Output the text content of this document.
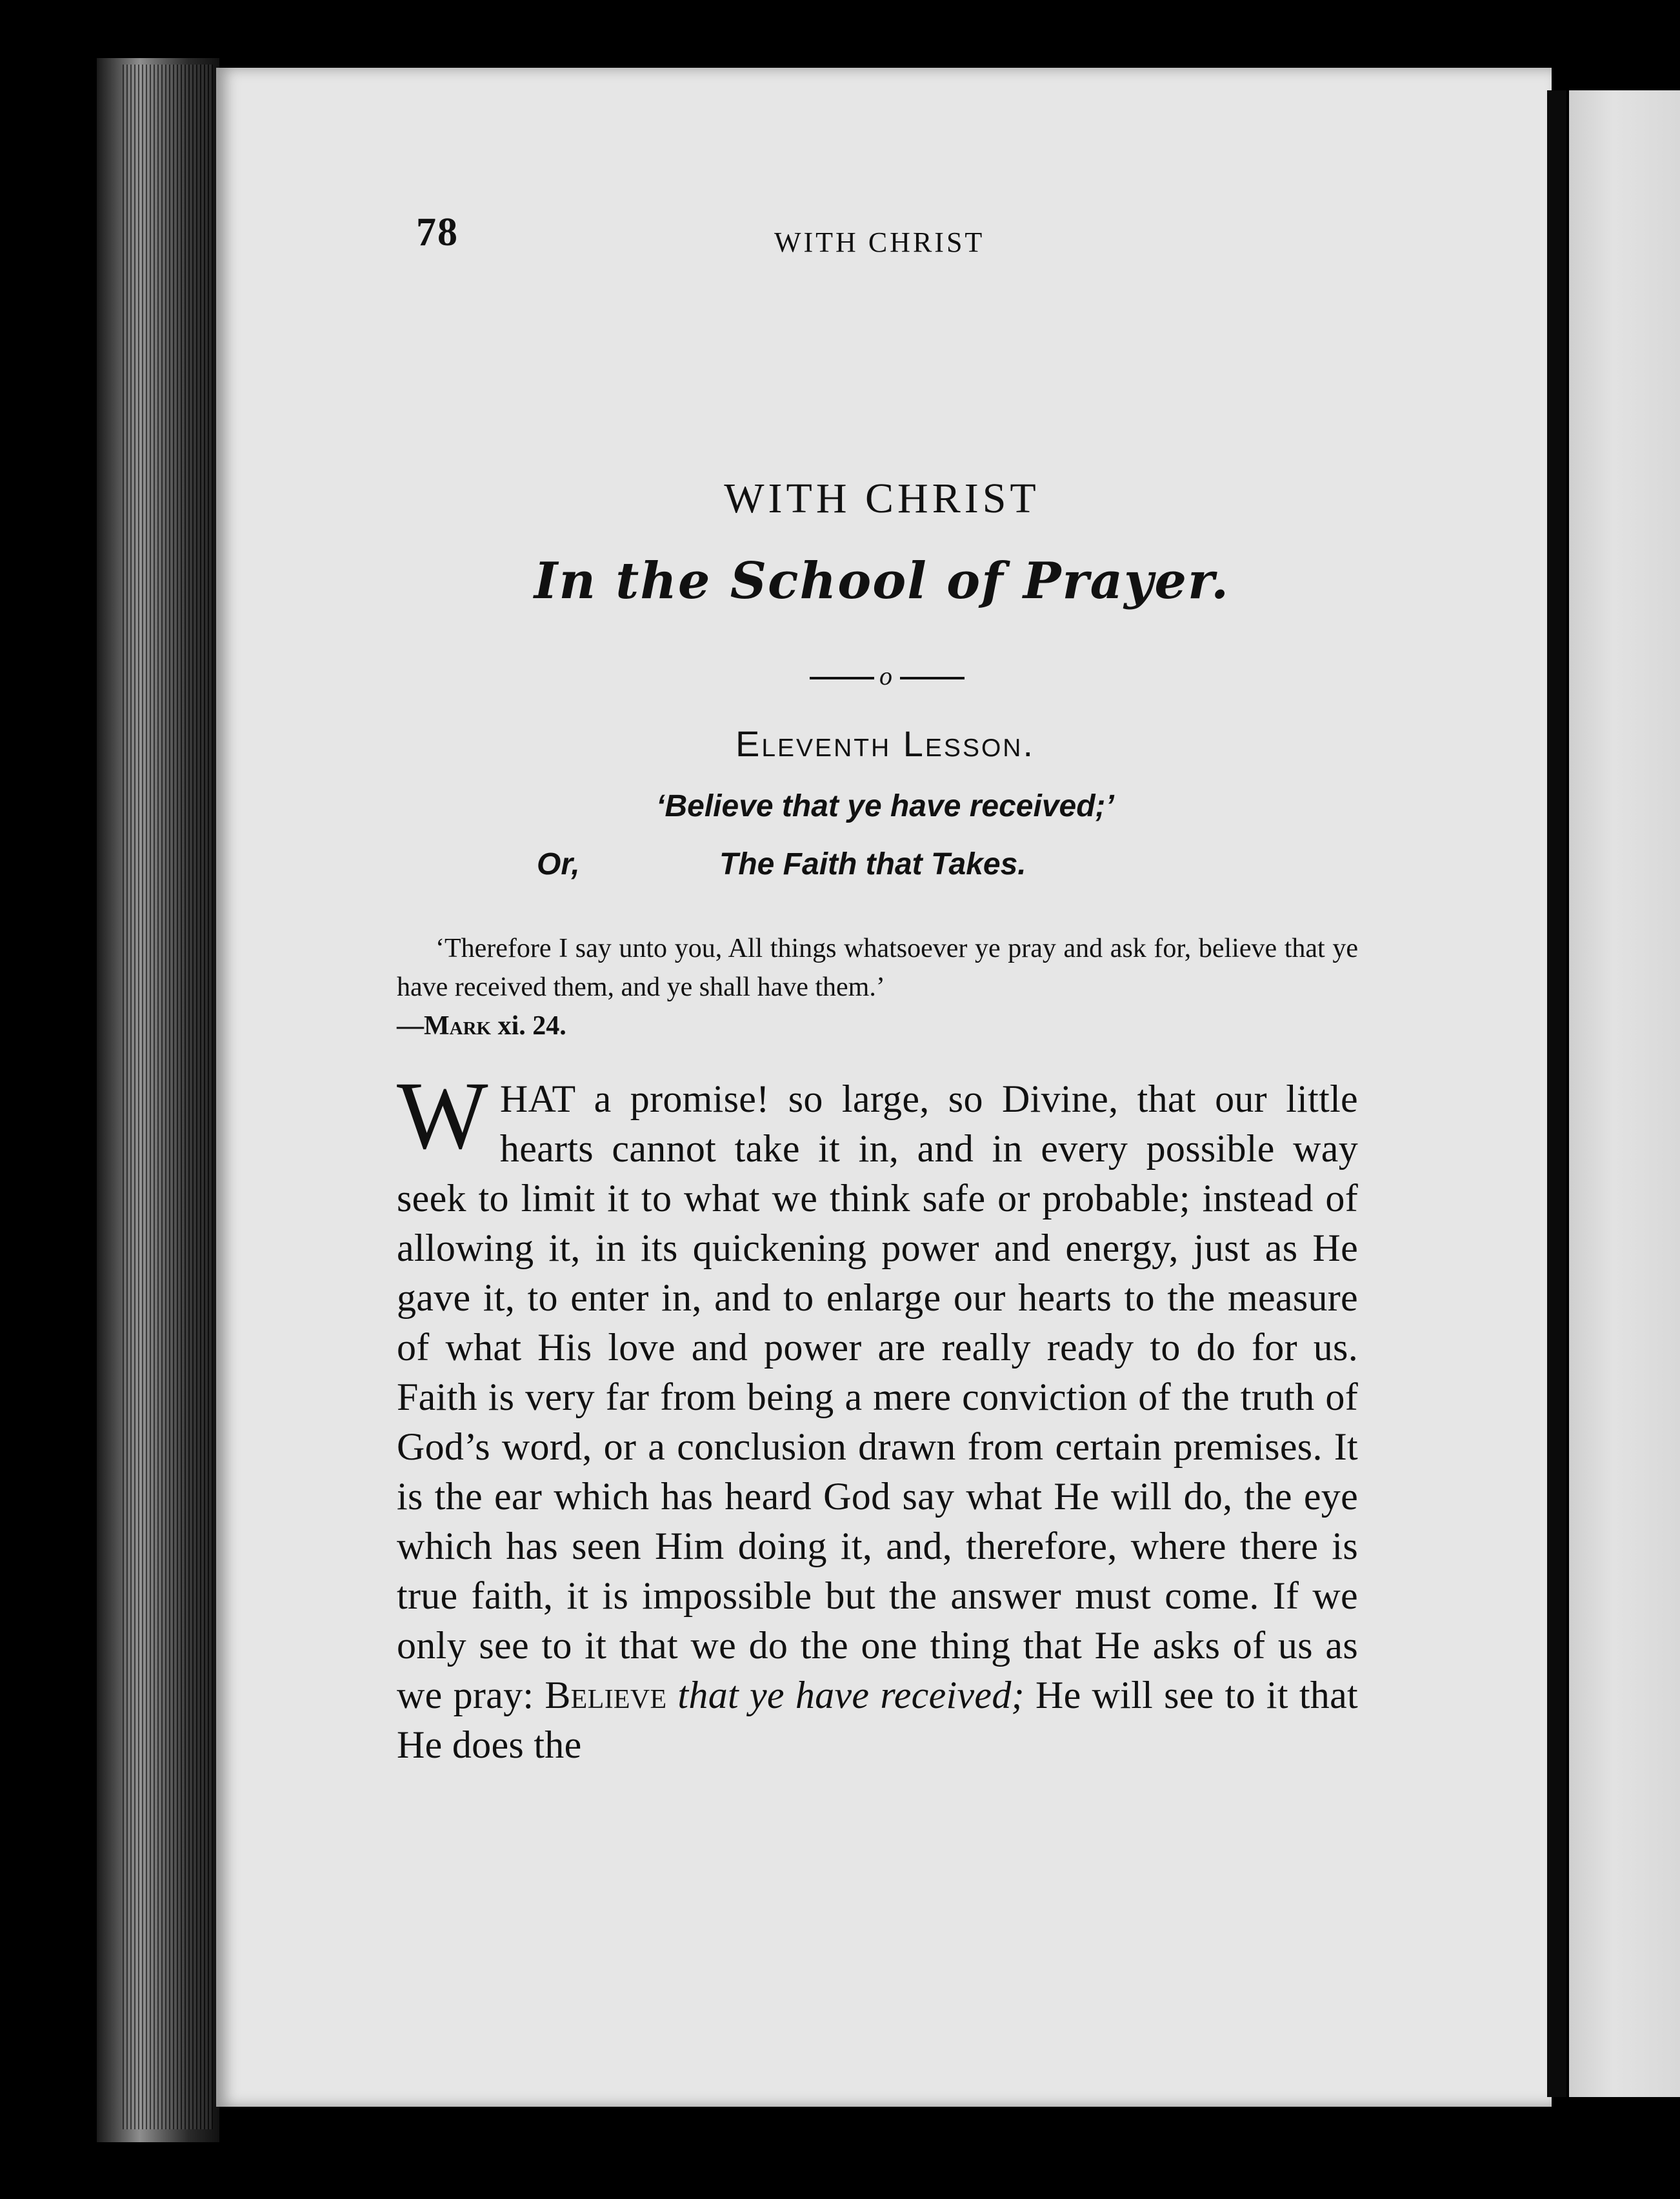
78	WITH CHRIST
WITH CHRIST
In the School of Prayer.
o
Eleventh Lesson.
‘Believe that ye have received;’
Or,	The Faith that Takes.
‘Therefore I say unto you, All things whatsoever ye pray and ask for, believe that ye have received them, and ye shall have them.’
—Mark xi. 24.
WHAT a promise! so large, so Divine, that our little hearts cannot take it in, and in every possible way seek to limit it to what we think safe or probable; instead of allowing it, in its quickening power and energy, just as He gave it, to enter in, and to enlarge our hearts to the measure of what His love and power are really ready to do for us. Faith is very far from being a mere conviction of the truth of God’s word, or a conclusion drawn from certain premises. It is the ear which has heard God say what He will do, the eye which has seen Him doing it, and, therefore, where there is true faith, it is impossible but the answer must come. If we only see to it that we do the one thing that He asks of us as we pray: Believe that ye have received; He will see to it that He does the
